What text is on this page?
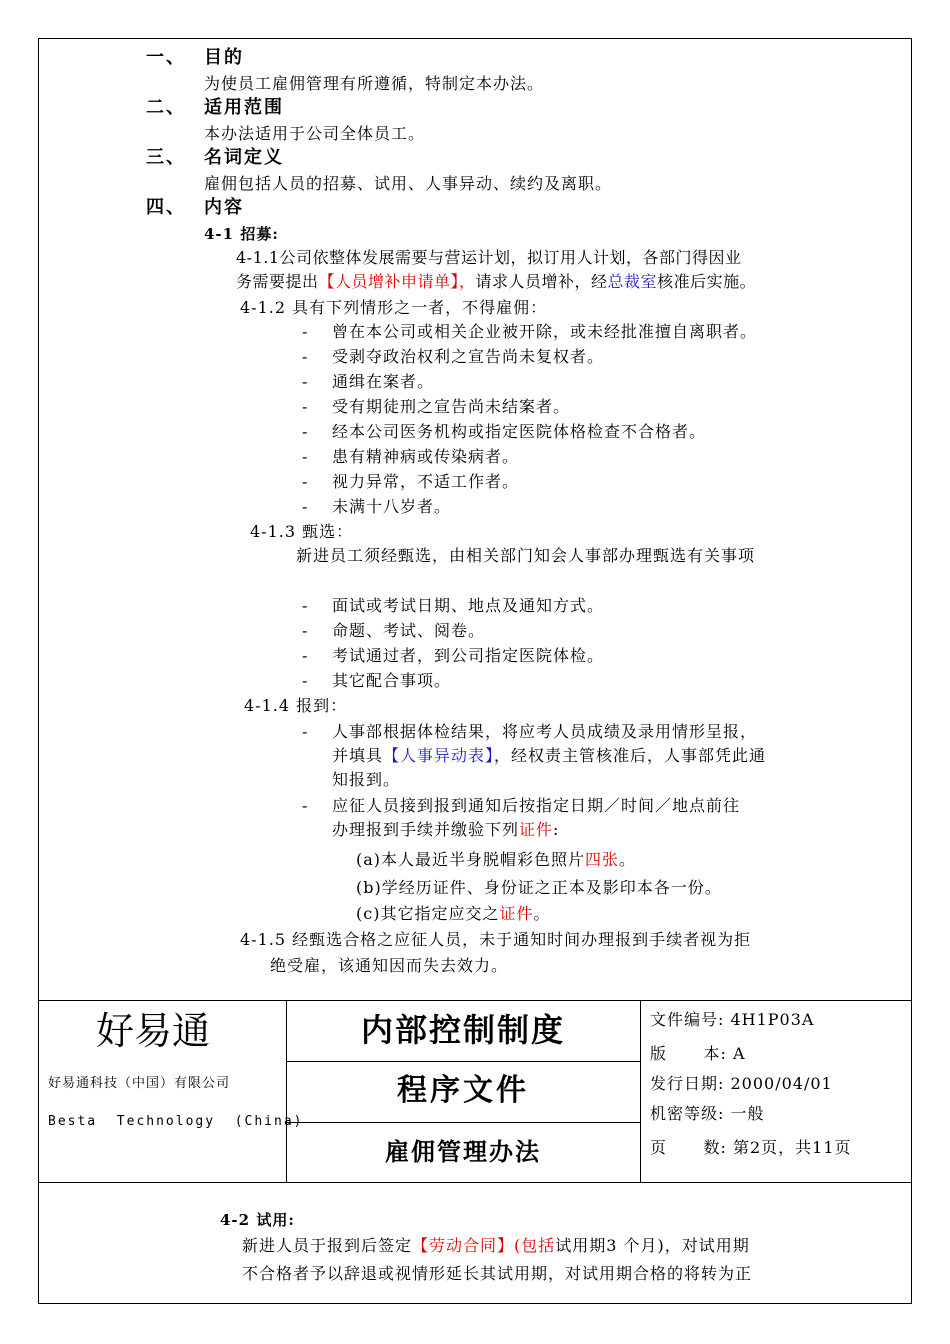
一、 目的
为使员工雇佣管理有所遵循，特制定本办法。
二、 适用范围
本办法适用于公司全体员工。
三、 名词定义
雇佣包括人员的招募、试用、人事异动、续约及离职。
四、 内容
4-1 招募:
4-1.1公司依整体发展需要与营运计划，拟订用人计划，各部门得因业
务需要提出【人员增补申请单】，请求人员增补，经总裁室核准后实施。
4-1.2 具有下列情形之一者，不得雇佣：
- 曾在本公司或相关企业被开除，或未经批准擅自离职者。
- 受剥夺政治权利之宣告尚未复权者。
- 通缉在案者。
- 受有期徒刑之宣告尚未结案者。
- 经本公司医务机构或指定医院体格检查不合格者。
- 患有精神病或传染病者。
- 视力异常，不适工作者。
- 未满十八岁者。
4-1.3 甄选：
新进员工须经甄选，由相关部门知会人事部办理甄选有关事项
- 面试或考试日期、地点及通知方式。
- 命题、考试、阅卷。
- 考试通过者，到公司指定医院体检。
- 其它配合事项。
4-1.4 报到：
- 人事部根据体检结果，将应考人员成绩及录用情形呈报，
并填具【人事异动表】，经权责主管核准后，人事部凭此通
知报到。
- 应征人员接到报到通知后按指定日期／时间／地点前往
办理报到手续并缴验下列证件:
(a)本人最近半身脱帽彩色照片四张。
(b)学经历证件、身份证之正本及影印本各一份。
(c)其它指定应交之证件。
4-1.5 经甄选合格之应征人员，未于通知时间办理报到手续者视为拒
绝受雇，该通知因而失去效力。
好易通
好易通科技（中国）有限公司
Besta  Technology  (China)
内部控制制度
程序文件
雇佣管理办法
文件编号: 4H1P03A
版      本: A
发行日期: 2000/04/01
机密等级: 一般
页      数: 第2页，共11页
4-2 试用:
新进人员于报到后签定【劳动合同】(包括试用期3 个月)，对试用期
不合格者予以辞退或视情形延长其试用期，对试用期合格的将转为正
